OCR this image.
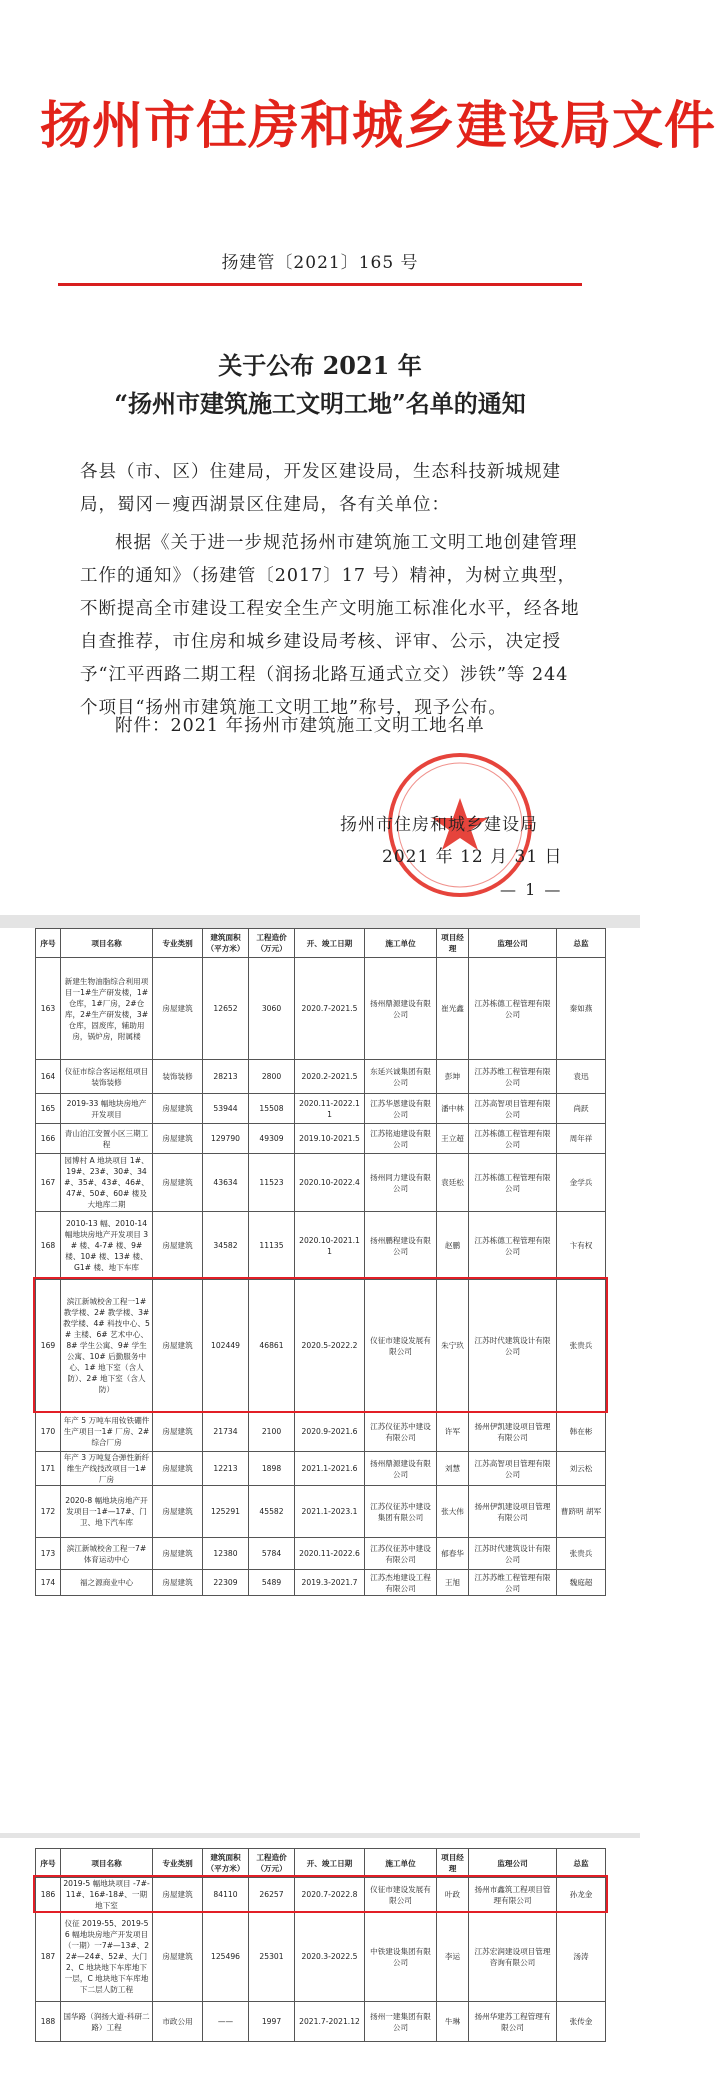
扬州市住房和城乡建设局文件
扬建管〔2021〕165 号
关于公布 2021 年
“扬州市建筑施工文明工地”名单的通知
各县（市、区）住建局，开发区建设局，生态科技新城规建局，蜀冈－瘦西湖景区住建局，各有关单位：
根据《关于进一步规范扬州市建筑施工文明工地创建管理工作的通知》（扬建管〔2017〕17 号）精神，为树立典型，不断提高全市建设工程安全生产文明施工标准化水平，经各地自查推荐，市住房和城乡建设局考核、评审、公示，决定授予“江平西路二期工程（润扬北路互通式立交）涉铁”等 244 个项目“扬州市建筑施工文明工地”称号，现予公布。
附件：2021 年扬州市建筑施工文明工地名单
扬州市住房和城乡建设局
2021 年 12 月 31 日
— 1 —
序号	项目名称	专业类别	建筑面积（平方米）	工程造价（万元）	开、竣工日期	施工单位	项目经理	监理公司	总监
163	新建生物油脂综合利用项目一1#生产研发楼，1#仓库，1#厂房，2#仓库，2#生产研发楼，3#仓库，固废库，辅助用房，锅炉房，附属楼	房屋建筑	12652	3060	2020.7-2021.5	扬州鼎源建设有限公司	崔光鑫	江苏栋德工程管理有限公司	秦如燕
164	仪征市综合客运枢纽项目装饰装修	装饰装修	28213	2800	2020.2-2021.5	东延兴诚集团有限公司	彭坤	江苏苏维工程管理有限公司	袁迅
165	2019-33 幅地块房地产开发项目	房屋建筑	53944	15508	2020.11-2022.11	江苏华恩建设有限公司	潘中林	江苏高智项目管理有限公司	尚跃
166	青山泊江安置小区三期工程	房屋建筑	129790	49309	2019.10-2021.5	江苏铭迪建设有限公司	王立超	江苏栋德工程管理有限公司	周年祥
167	园博村 A 地块项目 1#、19#、23#、30#、34#、35#、43#、46#、47#、50#、60# 楼及大地库二期	房屋建筑	43634	11523	2020.10-2022.4	扬州同力建设有限公司	袁廷松	江苏栋德工程管理有限公司	金学兵
168	2010-13 幅、2010-14 幅地块房地产开发项目 3# 楼、4-7# 楼、9# 楼、10# 楼、13# 楼、G1# 楼、地下车库	房屋建筑	34582	11135	2020.10-2021.11	扬州鹏程建设有限公司	赵鹏	江苏栋德工程管理有限公司	卞有权
169	滨江新城校舍工程一1# 教学楼、2# 教学楼、3# 教学楼、4# 科技中心、5# 主楼、6# 艺术中心、8# 学生公寓、9# 学生公寓、10# 后勤服务中心、1# 地下室（含人防）、2# 地下室（含人防）	房屋建筑	102449	46861	2020.5-2022.2	仪征市建设发展有限公司	朱宁玖	江苏时代建筑设计有限公司	张贵兵
170	年产 5 万吨车用钕铁硼件生产项目一1# 厂房、2# 综合厂房	房屋建筑	21734	2100	2020.9-2021.6	江苏仪征苏中建设有限公司	许军	扬州伊凯建设项目管理有限公司	韩在彬
171	年产 3 万吨复合弹性新纤维生产线技改项目一1# 厂房	房屋建筑	12213	1898	2021.1-2021.6	扬州鼎源建设有限公司	刘慧	江苏高智项目管理有限公司	刘云松
172	2020-8 幅地块房地产开发项目一1#—17#、门卫、地下汽车库	房屋建筑	125291	45582	2021.1-2023.1	江苏仪征苏中建设集团有限公司	张大伟	扬州伊凯建设项目管理有限公司	曹跻明 胡军
173	滨江新城校舍工程一7# 体育运动中心	房屋建筑	12380	5784	2020.11-2022.6	江苏仪征苏中建设有限公司	郁春华	江苏时代建筑设计有限公司	张贵兵
174	福之源商业中心	房屋建筑	22309	5489	2019.3-2021.7	江苏杰地建设工程有限公司	王旭	江苏苏维工程管理有限公司	魏庭超
序号	项目名称	专业类别	建筑面积（平方米）	工程造价（万元）	开、竣工日期	施工单位	项目经理	监理公司	总监
186	2019-5 幅地块项目 -7#-11#、16#-18#、一期地下室	房屋建筑	84110	26257	2020.7-2022.8	仪征市建设发展有限公司	叶政	扬州市鑫筑工程项目管理有限公司	孙龙金
187	仪征 2019-55、2019-56 幅地块房地产开发项目（一期）一7#—13#、22#—24#、52#、大门 2、C 地块地下车库地下一层，C 地块地下车库地下二层人防工程	房屋建筑	125496	25301	2020.3-2022.5	中铁建设集团有限公司	李运	江苏宏润建设项目管理咨询有限公司	汤涛
188	国华路（润扬大道-科研二路）工程	市政公用	——	1997	2021.7-2021.12	扬州一建集团有限公司	牛琳	扬州华建苏工程管理有限公司	张传金
